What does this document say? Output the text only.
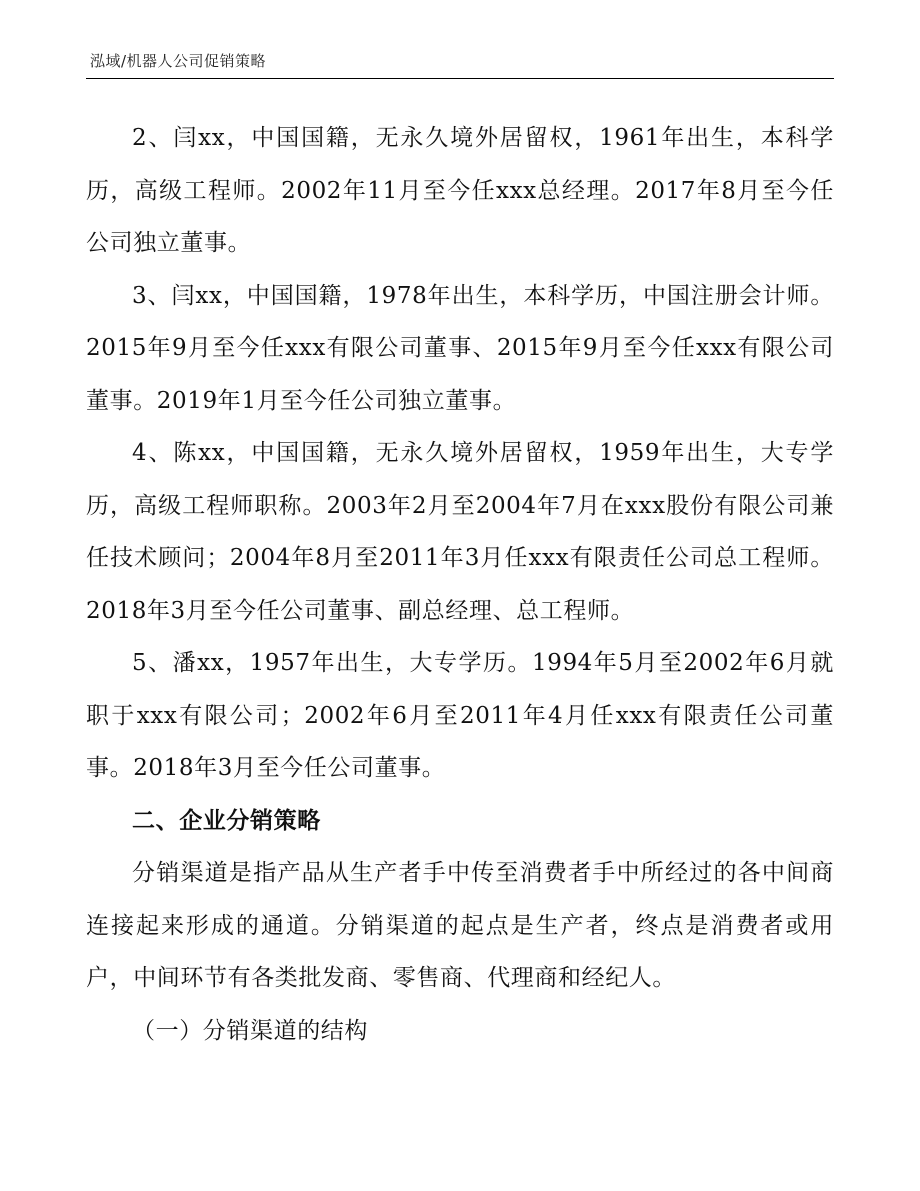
泓域/机器人公司促销策略

2、闫xx，中国国籍，无永久境外居留权，1961年出生，本科学历，高级工程师。2002年11月至今任xxx总经理。2017年8月至今任公司独立董事。

3、闫xx，中国国籍，1978年出生，本科学历，中国注册会计师。2015年9月至今任xxx有限公司董事、2015年9月至今任xxx有限公司董事。2019年1月至今任公司独立董事。

4、陈xx，中国国籍，无永久境外居留权，1959年出生，大专学历，高级工程师职称。2003年2月至2004年7月在xxx股份有限公司兼任技术顾问；2004年8月至2011年3月任xxx有限责任公司总工程师。2018年3月至今任公司董事、副总经理、总工程师。

5、潘xx，1957年出生，大专学历。1994年5月至2002年6月就职于xxx有限公司；2002年6月至2011年4月任xxx有限责任公司董事。2018年3月至今任公司董事。

二、企业分销策略

分销渠道是指产品从生产者手中传至消费者手中所经过的各中间商连接起来形成的通道。分销渠道的起点是生产者，终点是消费者或用户，中间环节有各类批发商、零售商、代理商和经纪人。

（一）分销渠道的结构
